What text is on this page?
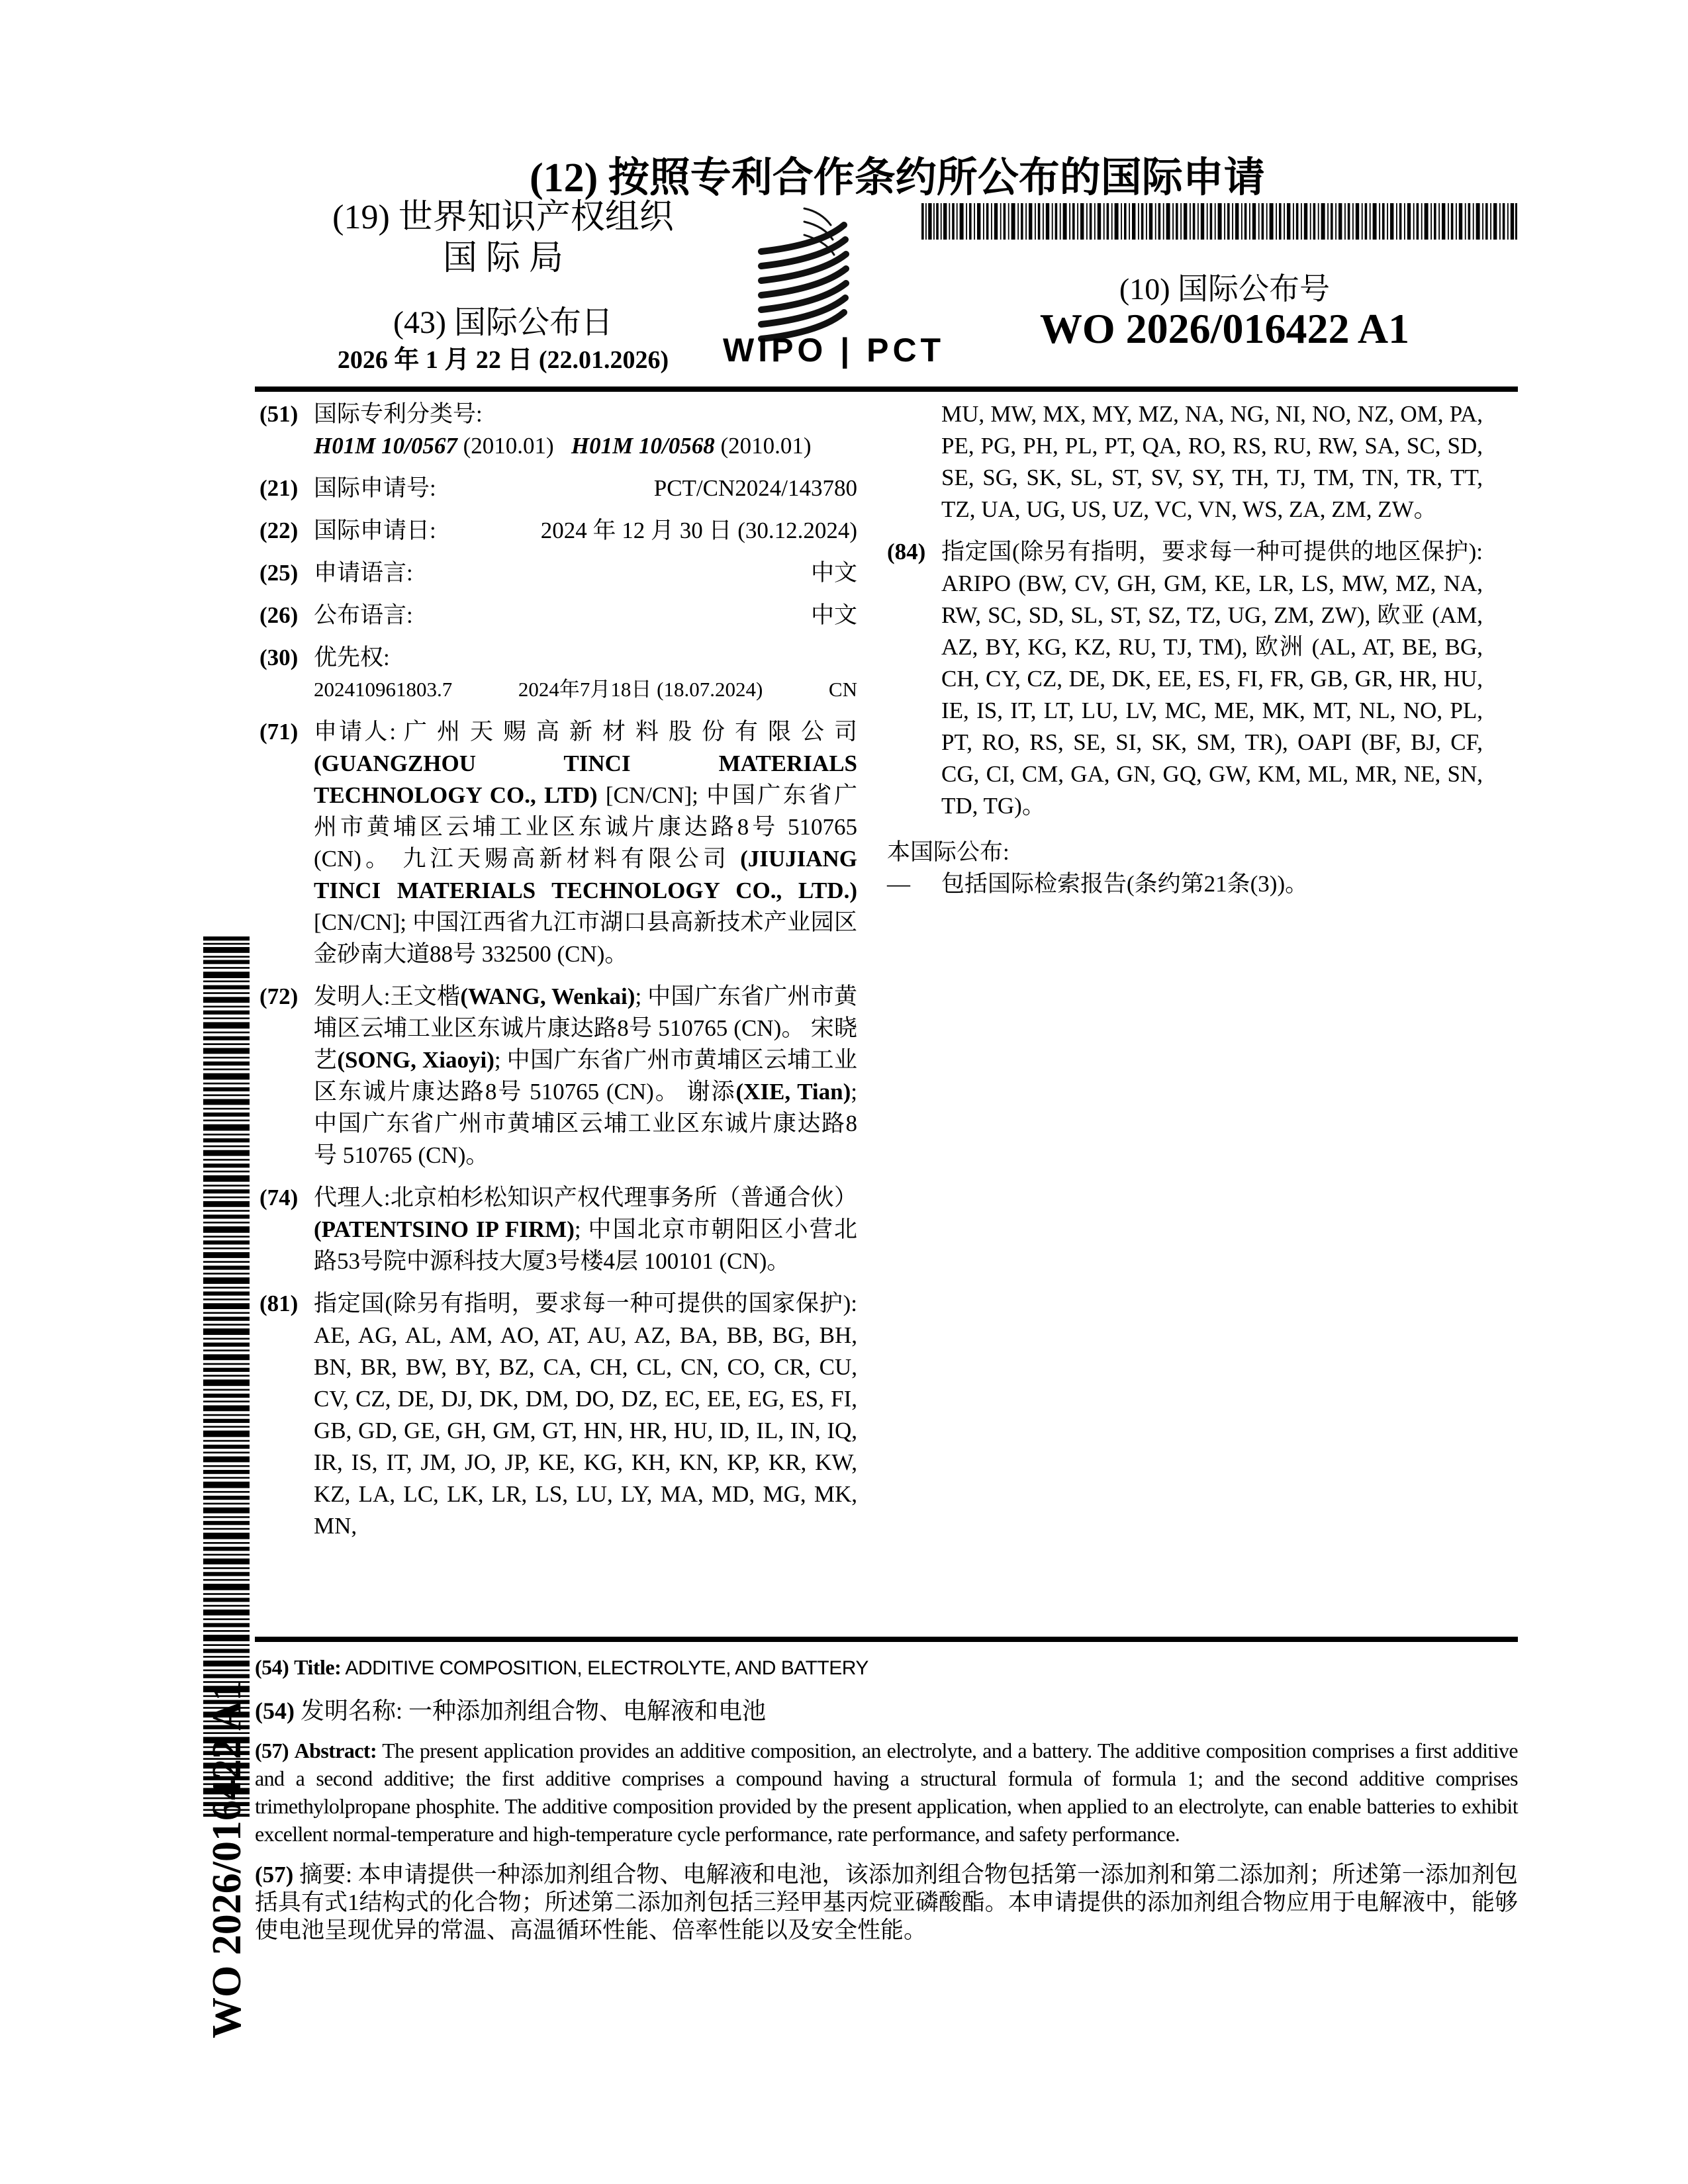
(12) 按照专利合作条约所公布的国际申请
(19) 世界知识产权组织
国 际 局
(43) 国际公布日
2026 年 1 月 22 日 (22.01.2026)	WIPO | PCT
(10) 国际公布号
WO 2026/016422 A1
(51) 国际专利分类号:
H01M 10/0567 (2010.01) H01M 10/0568 (2010.01)
(21) 国际申请号:	PCT/CN2024/143780
(22) 国际申请日:	2024 年 12 月 30 日 (30.12.2024)
(25) 申请语言:	中文
(26) 公布语言:	中文
(30) 优先权:
202410961803.7	2024年7月18日 (18.07.2024)	CN
(71) 申请人: 广 州 天 赐 高 新 材 料 股 份 有 限 公 司 (GUANGZHOU TINCI MATERIALS TECHNOLOGY CO., LTD) [CN/CN]; 中国广东省广州市黄埔区云埔工业区东诚片康达路8号 510765 (CN)。 九江天赐高新材料有限公司 (JIUJIANG TINCI MATERIALS TECHNOLOGY CO., LTD.) [CN/CN]; 中国江西省九江市湖口县高新技术产业园区金砂南大道88号 332500 (CN)。
(72) 发明人:王文楷(WANG, Wenkai); 中国广东省广州市黄埔区云埔工业区东诚片康达路8号 510765 (CN)。 宋晓艺(SONG, Xiaoyi); 中国广东省广州市黄埔区云埔工业区东诚片康达路8号 510765 (CN)。 谢添(XIE, Tian); 中国广东省广州市黄埔区云埔工业区东诚片康达路8号 510765 (CN)。
(74) 代理人:北京柏杉松知识产权代理事务所（普通合伙）(PATENTSINO IP FIRM); 中国北京市朝阳区小营北路53号院中源科技大厦3号楼4层 100101 (CN)。
(81) 指定国(除另有指明，要求每一种可提供的国家保护): AE, AG, AL, AM, AO, AT, AU, AZ, BA, BB, BG, BH, BN, BR, BW, BY, BZ, CA, CH, CL, CN, CO, CR, CU, CV, CZ, DE, DJ, DK, DM, DO, DZ, EC, EE, EG, ES, FI, GB, GD, GE, GH, GM, GT, HN, HR, HU, ID, IL, IN, IQ, IR, IS, IT, JM, JO, JP, KE, KG, KH, KN, KP, KR, KW, KZ, LA, LC, LK, LR, LS, LU, LY, MA, MD, MG, MK, MN,
MU, MW, MX, MY, MZ, NA, NG, NI, NO, NZ, OM, PA, PE, PG, PH, PL, PT, QA, RO, RS, RU, RW, SA, SC, SD, SE, SG, SK, SL, ST, SV, SY, TH, TJ, TM, TN, TR, TT, TZ, UA, UG, US, UZ, VC, VN, WS, ZA, ZM, ZW。
(84) 指定国(除另有指明，要求每一种可提供的地区保护): ARIPO (BW, CV, GH, GM, KE, LR, LS, MW, MZ, NA, RW, SC, SD, SL, ST, SZ, TZ, UG, ZM, ZW), 欧亚 (AM, AZ, BY, KG, KZ, RU, TJ, TM), 欧洲 (AL, AT, BE, BG, CH, CY, CZ, DE, DK, EE, ES, FI, FR, GB, GR, HR, HU, IE, IS, IT, LT, LU, LV, MC, ME, MK, MT, NL, NO, PL, PT, RO, RS, SE, SI, SK, SM, TR), OAPI (BF, BJ, CF, CG, CI, CM, GA, GN, GQ, GW, KM, ML, MR, NE, SN, TD, TG)。
本国际公布:
—	包括国际检索报告(条约第21条(3))。
WO 2026/016422 A1
(54) Title: ADDITIVE COMPOSITION, ELECTROLYTE, AND BATTERY
(54) 发明名称: 一种添加剂组合物、电解液和电池
(57) Abstract: The present application provides an additive composition, an electrolyte, and a battery. The additive composition comprises a first additive and a second additive; the first additive comprises a compound having a structural formula of formula 1; and the second additive comprises trimethylolpropane phosphite. The additive composition provided by the present application, when applied to an electrolyte, can enable batteries to exhibit excellent normal-temperature and high-temperature cycle performance, rate performance, and safety performance.
(57) 摘要: 本申请提供一种添加剂组合物、电解液和电池，该添加剂组合物包括第一添加剂和第二添加剂；所述第一添加剂包括具有式1结构式的化合物；所述第二添加剂包括三羟甲基丙烷亚磷酸酯。本申请提供的添加剂组合物应用于电解液中，能够使电池呈现优异的常温、高温循环性能、倍率性能以及安全性能。
